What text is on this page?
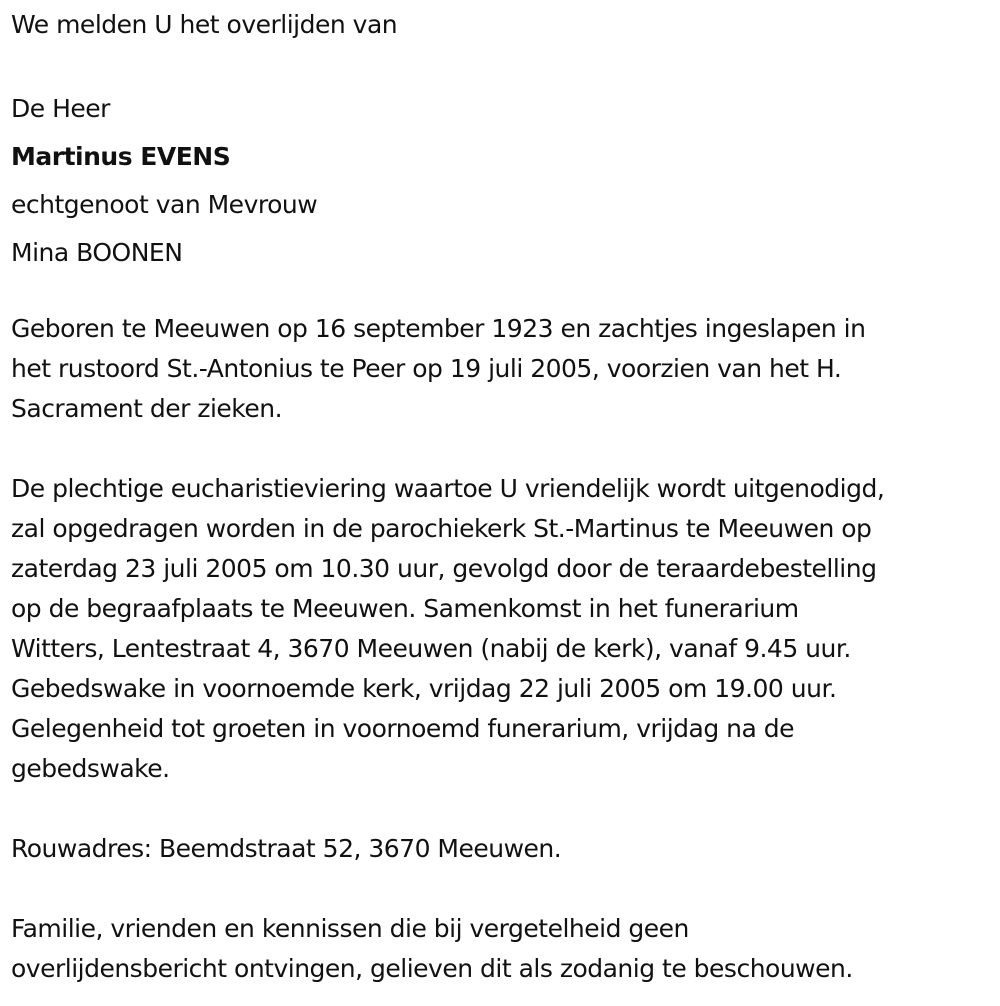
We melden U het overlijden van
De Heer
Martinus EVENS
echtgenoot van Mevrouw
Mina BOONEN
Geboren te Meeuwen op 16 september 1923 en zachtjes ingeslapen in
het rustoord St.-Antonius te Peer op 19 juli 2005, voorzien van het H.
Sacrament der zieken.
De plechtige eucharistieviering waartoe U vriendelijk wordt uitgenodigd,
zal opgedragen worden in de parochiekerk St.-Martinus te Meeuwen op
zaterdag 23 juli 2005 om 10.30 uur, gevolgd door de teraardebestelling
op de begraafplaats te Meeuwen. Samenkomst in het funerarium
Witters, Lentestraat 4, 3670 Meeuwen (nabij de kerk), vanaf 9.45 uur.
Gebedswake in voornoemde kerk, vrijdag 22 juli 2005 om 19.00 uur.
Gelegenheid tot groeten in voornoemd funerarium, vrijdag na de
gebedswake.
Rouwadres: Beemdstraat 52, 3670 Meeuwen.
Familie, vrienden en kennissen die bij vergetelheid geen
overlijdensbericht ontvingen, gelieven dit als zodanig te beschouwen.
